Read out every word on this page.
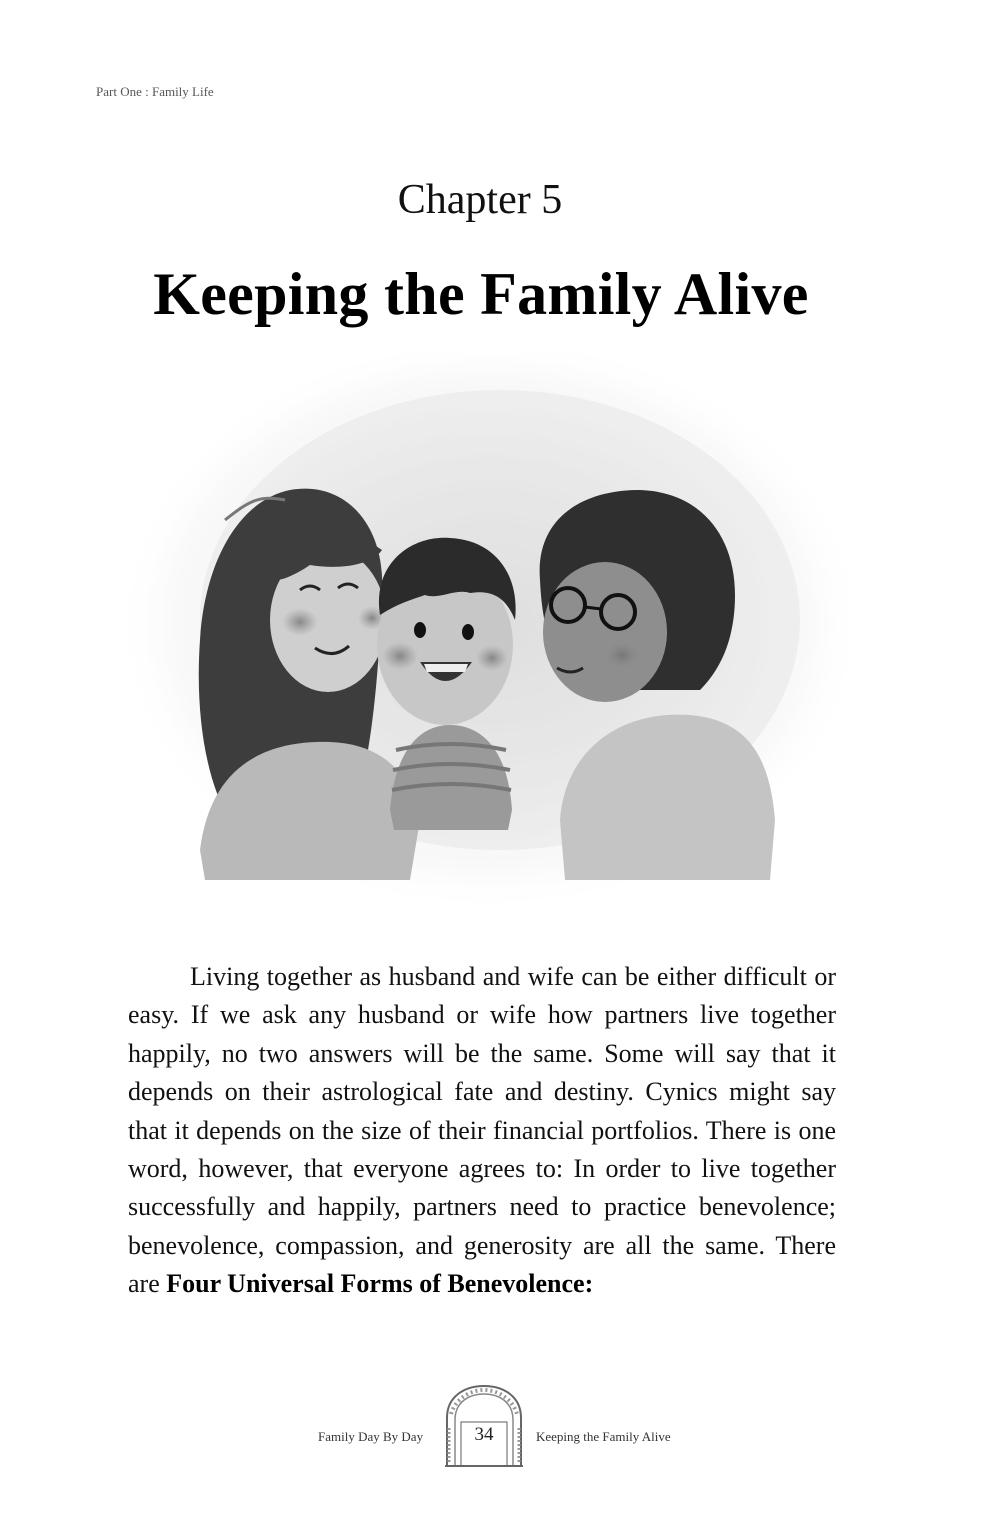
Part One : Family Life
Chapter 5
Keeping the Family Alive

Living together as husband and wife can be either difficult or easy. If we ask any husband or wife how partners live together happily, no two answers will be the same. Some will say that it depends on their astrological fate and destiny. Cynics might say that it depends on the size of their financial portfolios. There is one word, however, that everyone agrees to: In order to live together successfully and happily, partners need to practice benevolence; benevolence, compassion, and generosity are all the same. There are Four Universal Forms of Benevolence:

Family Day By Day	34	Keeping the Family Alive
